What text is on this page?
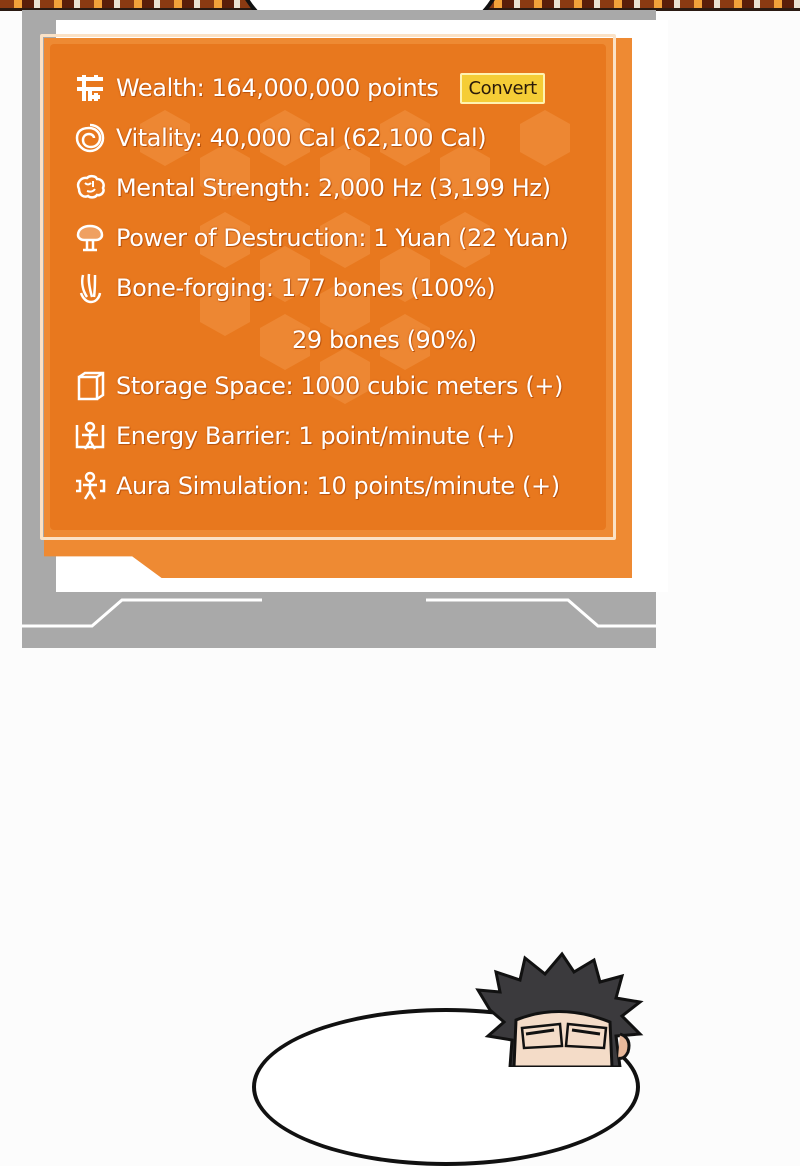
Wealth: 164,000,000 points	Convert
Vitality: 40,000 Cal (62,100 Cal)
Mental Strength: 2,000 Hz (3,199 Hz)
Power of Destruction: 1 Yuan (22 Yuan)
Bone-forging: 177 bones (100%)
29 bones (90%)
Storage Space: 1000 cubic meters (+)
Energy Barrier: 1 point/minute (+)
Aura Simulation: 10 points/minute (+)
